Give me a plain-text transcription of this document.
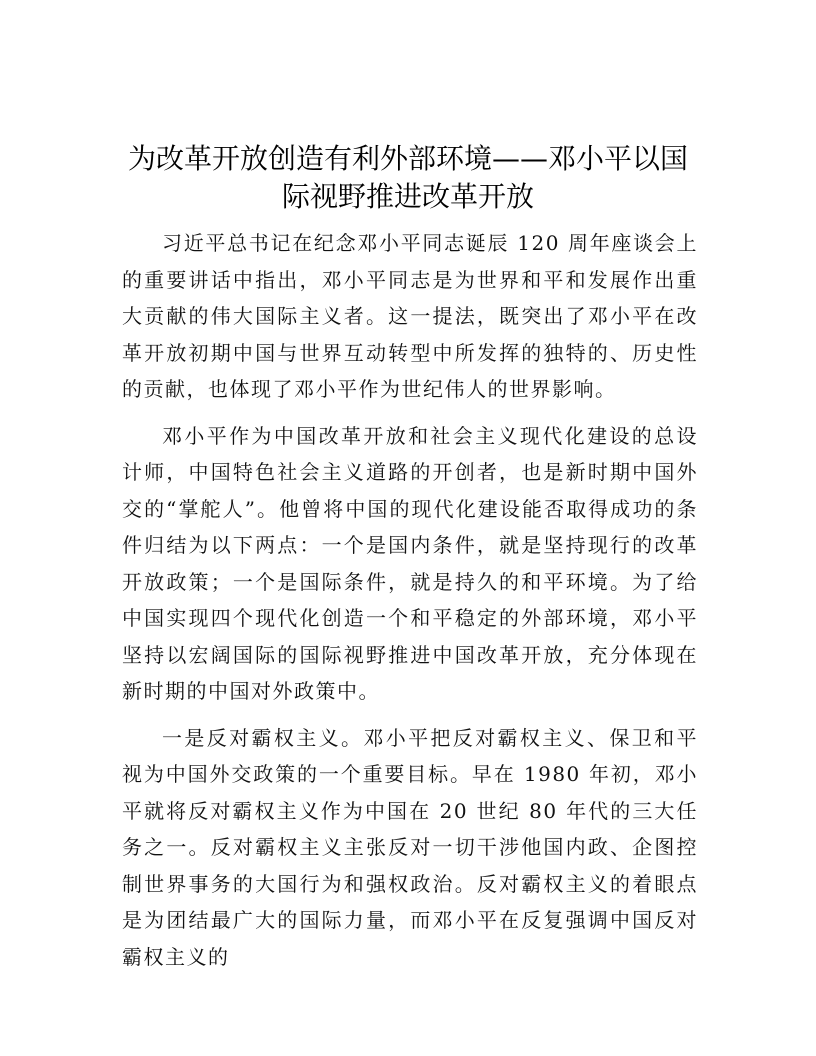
为改革开放创造有利外部环境——邓小平以国
际视野推进改革开放

习近平总书记在纪念邓小平同志诞辰 120 周年座谈会上的重要讲话中指出，邓小平同志是为世界和平和发展作出重大贡献的伟大国际主义者。这一提法，既突出了邓小平在改革开放初期中国与世界互动转型中所发挥的独特的、历史性的贡献，也体现了邓小平作为世纪伟人的世界影响。

邓小平作为中国改革开放和社会主义现代化建设的总设计师，中国特色社会主义道路的开创者，也是新时期中国外交的“掌舵人”。他曾将中国的现代化建设能否取得成功的条件归结为以下两点：一个是国内条件，就是坚持现行的改革开放政策；一个是国际条件，就是持久的和平环境。为了给中国实现四个现代化创造一个和平稳定的外部环境，邓小平坚持以宏阔国际的国际视野推进中国改革开放，充分体现在新时期的中国对外政策中。

一是反对霸权主义。邓小平把反对霸权主义、保卫和平视为中国外交政策的一个重要目标。早在 1980 年初，邓小平就将反对霸权主义作为中国在 20 世纪 80 年代的三大任务之一。反对霸权主义主张反对一切干涉他国内政、企图控制世界事务的大国行为和强权政治。反对霸权主义的着眼点是为团结最广大的国际力量，而邓小平在反复强调中国反对霸权主义的
